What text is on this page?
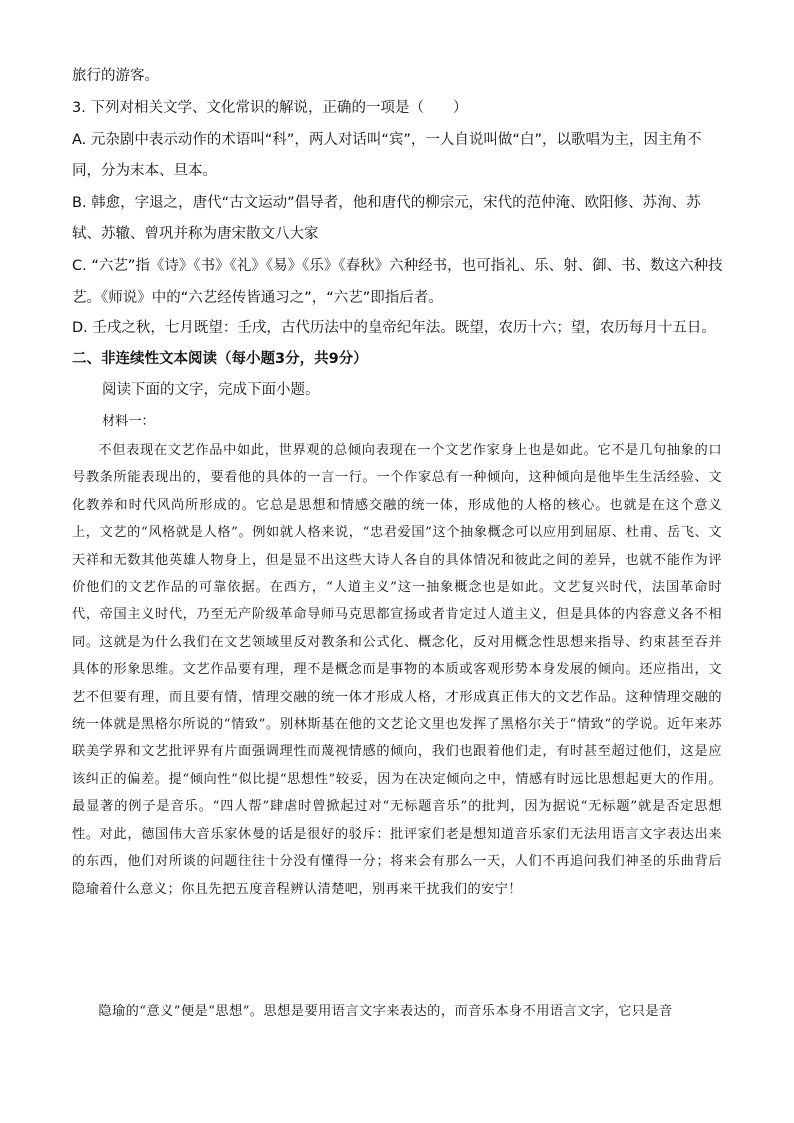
旅行的游客。
3. 下列对相关文学、文化常识的解说，正确的一项是（　　）
A. 元杂剧中表示动作的术语叫“科”，两人对话叫“宾”，一人自说叫做“白”，以歌唱为主，因主角不
同，分为末本、旦本。
B. 韩愈，字退之，唐代“古文运动”倡导者，他和唐代的柳宗元，宋代的范仲淹、欧阳修、苏洵、苏
轼、苏辙、曾巩并称为唐宋散文八大家
C. “六艺”指《诗》《书》《礼》《易》《乐》《春秋》六种经书，也可指礼、乐、射、御、书、数这六种技
艺。《师说》中的“六艺经传皆通习之”，“六艺”即指后者。
D. 壬戌之秋，七月既望：壬戌，古代历法中的皇帝纪年法。既望，农历十六；望，农历每月十五日。
二、非连续性文本阅读（每小题3分，共9分）
阅读下面的文字，完成下面小题。
材料一：

不但表现在文艺作品中如此，世界观的总倾向表现在一个文艺作家身上也是如此。它不是几句抽象的口号教条所能表现出的，要看他的具体的一言一行。一个作家总有一种倾向，这种倾向是他毕生生活经验、文化教养和时代风尚所形成的。它总是思想和情感交融的统一体，形成他的人格的核心。也就是在这个意义上，文艺的“风格就是人格”。例如就人格来说，“忠君爱国”这个抽象概念可以应用到屈原、杜甫、岳飞、文天祥和无数其他英雄人物身上，但是显不出这些大诗人各自的具体情况和彼此之间的差异，也就不能作为评价他们的文艺作品的可靠依据。在西方，“人道主义”这一抽象概念也是如此。文艺复兴时代，法国革命时代，帝国主义时代，乃至无产阶级革命导师马克思都宣扬或者肯定过人道主义，但是具体的内容意义各不相同。这就是为什么我们在文艺领域里反对教条和公式化、概念化，反对用概念性思想来指导、约束甚至吞并具体的形象思维。文艺作品要有理，理不是概念而是事物的本质或客观形势本身发展的倾向。还应指出，文艺不但要有理，而且要有情，情理交融的统一体才形成人格，才形成真正伟大的文艺作品。这种情理交融的统一体就是黑格尔所说的“情致”。别林斯基在他的文艺论文里也发挥了黑格尔关于“情致”的学说。近年来苏联美学界和文艺批评界有片面强调理性而蔑视情感的倾向，我们也跟着他们走，有时甚至超过他们，这是应该纠正的偏差。提“倾向性”似比提“思想性”较妥，因为在决定倾向之中，情感有时远比思想起更大的作用。最显著的例子是音乐。“四人帮”肆虐时曾掀起过对“无标题音乐”的批判，因为据说“无标题”就是否定思想性。对此，德国伟大音乐家休曼的话是很好的驳斥：批评家们老是想知道音乐家们无法用语言文字表达出来的东西，他们对所谈的问题往往十分没有懂得一分；将来会有那么一天，人们不再追问我们神圣的乐曲背后隐瑜着什么意义；你且先把五度音程辨认清楚吧，别再来干扰我们的安宁！

隐瑜的“意义”便是“思想”。思想是要用语言文字来表达的，而音乐本身不用语言文字，它只是音
